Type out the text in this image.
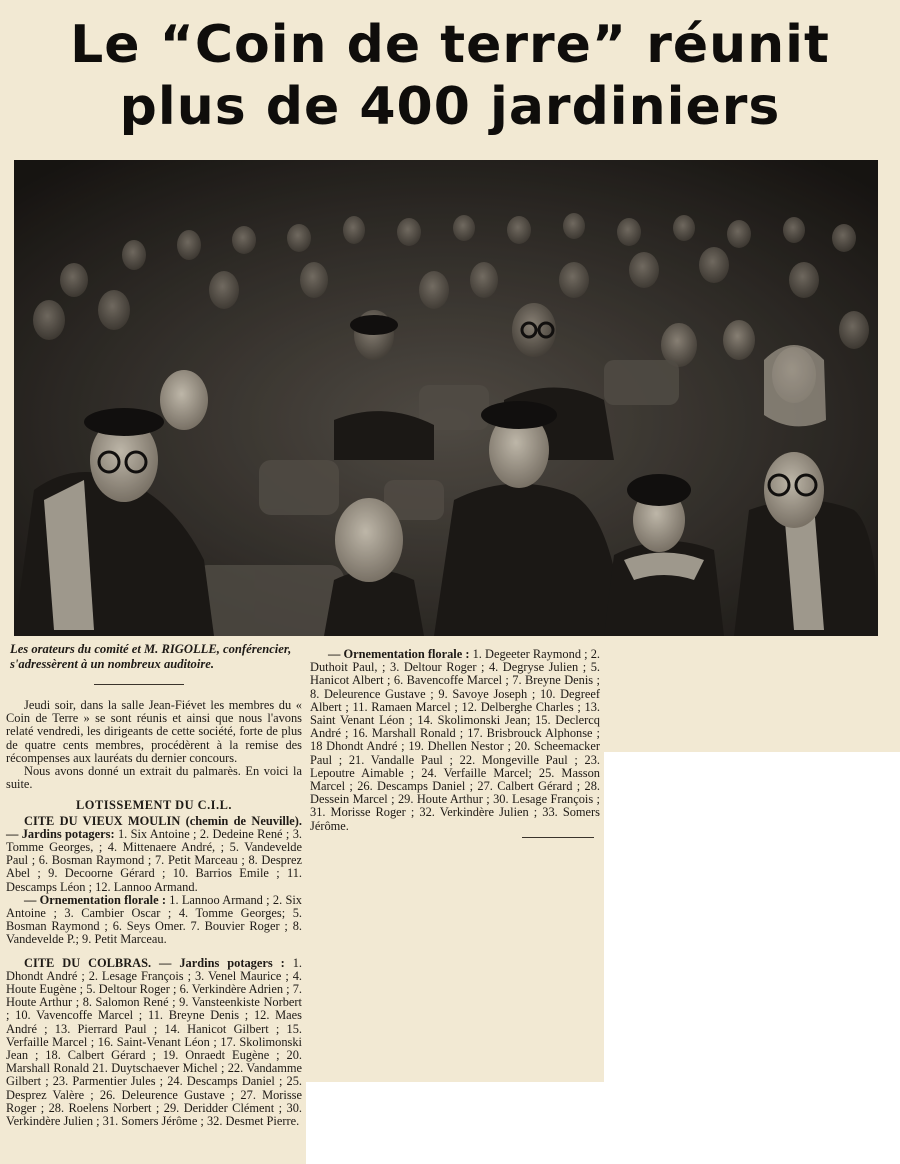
Le “Coin de terre” réunit
plus de 400 jardiniers

Les orateurs du comité et M. RIGOLLE, conférencier, s'adressèrent à un nombreux auditoire.

Jeudi soir, dans la salle Jean-Fiévet les membres du « Coin de Terre » se sont réunis et ainsi que nous l'avons relaté vendredi, les dirigeants de cette société, forte de plus de quatre cents membres, procédèrent à la remise des récompenses aux lauréats du dernier concours.

Nous avons donné un extrait du palmarès. En voici la suite.

LOTISSEMENT DU C.I.L.

CITE DU VIEUX MOULIN (chemin de Neuville). — Jardins potagers: 1. Six Antoine ; 2. Dedeine René ; 3. Tomme Georges, ; 4. Mittenaere André, ; 5. Vandevelde Paul ; 6. Bosman Raymond ; 7. Petit Marceau ; 8. Desprez Abel ; 9. Decoorne Gérard ; 10. Barrios Emile ; 11. Descamps Léon ; 12. Lannoo Armand.

— Ornementation florale : 1. Lannoo Armand ; 2. Six Antoine ; 3. Cambier Oscar ; 4. Tomme Georges; 5. Bosman Raymond ; 6. Seys Omer. 7. Bouvier Roger ; 8. Vandevelde P.; 9. Petit Marceau.

CITE DU COLBRAS. — Jardins potagers : 1. Dhondt André ; 2. Lesage François ; 3. Venel Maurice ; 4. Houte Eugène ; 5. Deltour Roger ; 6. Verkindère Adrien ; 7. Houte Arthur ; 8. Salomon René ; 9. Vansteenkiste Norbert ; 10. Vavencoffe Marcel ; 11. Breyne Denis ; 12. Maes André ; 13. Pierrard Paul ; 14. Hanicot Gilbert ; 15. Verfaille Marcel ; 16. Saint-Venant Léon ; 17. Skolimonski Jean ; 18. Calbert Gérard ; 19. Onraedt Eugène ; 20. Marshall Ronald 21. Duytschaever Michel ; 22. Vandamme Gilbert ; 23. Parmentier Jules ; 24. Descamps Daniel ; 25. Desprez Valère ; 26. Deleurence Gustave ; 27. Morisse Roger ; 28. Roelens Norbert ; 29. Deridder Clément ; 30. Verkindère Julien ; 31. Somers Jérôme ; 32. Desmet Pierre.

— Ornementation florale : 1. Degeeter Raymond ; 2. Duthoit Paul, ; 3. Deltour Roger ; 4. Degryse Julien ; 5. Hanicot Albert ; 6. Bavencoffe Marcel ; 7. Breyne Denis ; 8. Deleurence Gustave ; 9. Savoye Joseph ; 10. Degreef Albert ; 11. Ramaen Marcel ; 12. Delberghe Charles ; 13. Saint Venant Léon ; 14. Skolimonski Jean; 15. Declercq André ; 16. Marshall Ronald ; 17. Brisbrouck Alphonse ; 18 Dhondt André ; 19. Dhellen Nestor ; 20. Scheemacker Paul ; 21. Vandalle Paul ; 22. Mongeville Paul ; 23. Lepoutre Aimable ; 24. Verfaille Marcel; 25. Masson Marcel ; 26. Descamps Daniel ; 27. Calbert Gérard ; 28. Dessein Marcel ; 29. Houte Arthur ; 30. Lesage François ; 31. Morisse Roger ; 32. Verkindère Julien ; 33. Somers Jérôme.
